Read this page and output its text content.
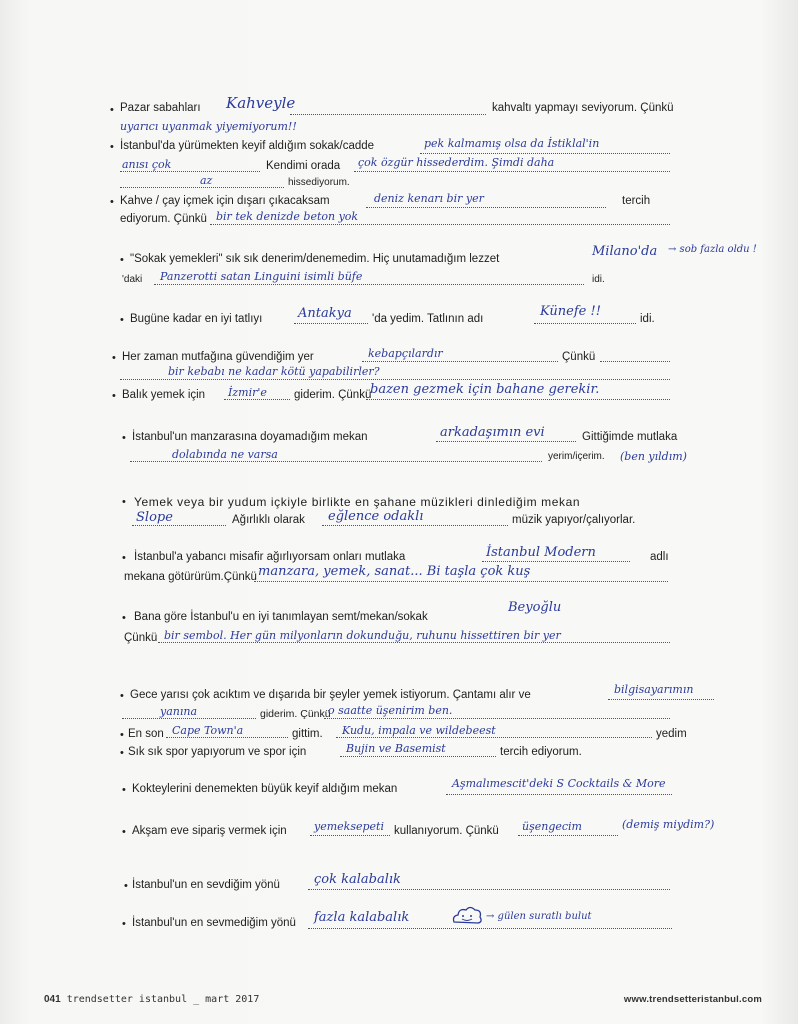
• Pazar sabahları Kahveyle	kahvaltı yapmayı seviyorum. Çünkü
uyarıcı uyanmak yiyemiyorum!!
• İstanbul'da yürümekten keyif aldığım sokak/cadde	pek kalmamış olsa da İstiklal'in
anısı çok	Kendimi orada çok özgür hissederdim. Şimdi daha
az	hissediyorum.
• Kahve / çay içmek için dışarı çıkacaksam	deniz kenarı bir yer	tercih
ediyorum. Çünkü bir tek denizde beton yok
• "Sokak yemekleri" sık sık denerim/denemedim. Hiç unutamadığım lezzet	Milano'da → sob fazla oldu !
'daki Panzerotti satan Linguini isimli büfe	idi.
• Bugüne kadar en iyi tatlıyı	Antakya 'da yedim. Tatlının adı	Künefe !!	idi.
• Her zaman mutfağına güvendiğim yer	kebapçılardır	Çünkü
bir kebabı ne kadar kötü yapabilirler?
• Balık yemek için İzmir'e giderim. Çünkü
bazen gezmek için bahane gerekir.
• İstanbul'un manzarasına doyamadığım mekan	arkadaşımın evi	Gittiğimde mutlaka
dolabında ne varsa	yerim/içerim. (ben yıldım)
• Yemek veya bir yudum içkiyle birlikte en şahane müzikleri dinlediğim mekan
Slope	Ağırlıklı olarak eğlence odaklı	müzik yapıyor/çalıyorlar.
• İstanbul'a yabancı misafir ağırlıyorsam onları mutlaka	İstanbul Modern	adlı
mekana götürürüm.Çünkü manzara, yemek, sanat... Bi taşla çok kuş
• Bana göre İstanbul'u en iyi tanımlayan semt/mekan/sokak
Beyoğlu
Çünkü bir sembol. Her gün milyonların dokunduğu, ruhunu hissettiren bir yer
• Gece yarısı çok acıktım ve dışarıda bir şeyler yemek istiyorum. Çantamı alır ve	bilgisayarımın
yanına	giderim. Çünkü
o saatte üşenirim ben.
• En son Cape Town'a	gittim. Kudu, impala ve wildebeest	yedim
• Sık sık spor yapıyorum ve spor için	Bujin ve Basemist	tercih ediyorum.
• Kokteylerini denemekten büyük keyif aldığım mekan	Aşmalımescit'deki S Cocktails & More
• Akşam eve sipariş vermek için yemeksepeti kullanıyorum. Çünkü üşengecim	(demiş miydim?)
• İstanbul'un en sevdiğim yönü	çok kalabalık
• İstanbul'un en sevmediğim yönü fazla kalabalık	→ gülen suratlı bulut
041 trendsetter istanbul _ mart 2017	www.trendsetteristanbul.com
